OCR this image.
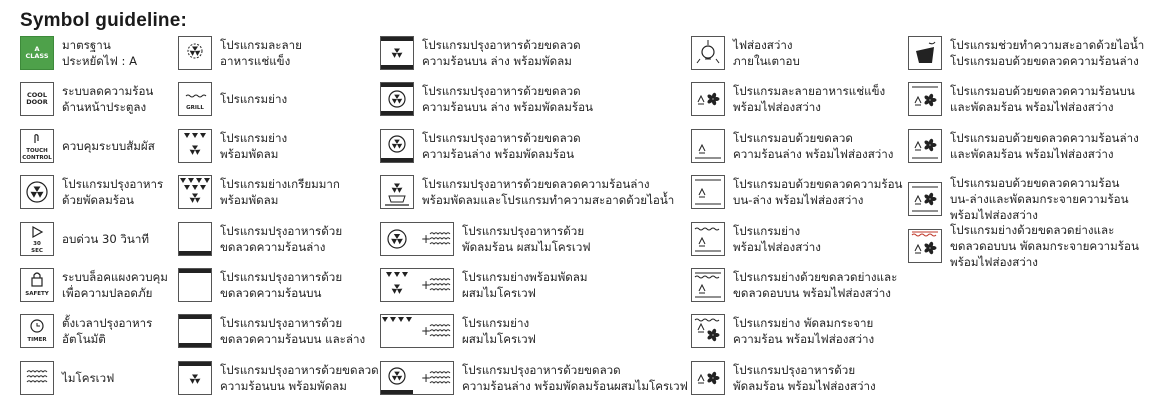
Symbol guideline:
A
CLASS
มาตรฐาน
ประหยัดไฟ : A
COOL
DOOR
ระบบลดความร้อน
ด้านหน้าประตูลง
TOUCH
CONTROL
ควบคุมระบบสัมผัส
โปรแกรมปรุงอาหาร
ด้วยพัดลมร้อน
30
SEC
อบด่วน 30 วินาที
SAFETY
ระบบล็อคแผงควบคุม
เพื่อความปลอดภัย
TIMER
ตั้งเวลาปรุงอาหาร
อัตโนมัติ
ไมโครเวฟ
โปรแกรมละลาย
อาหารแช่แข็ง
GRILL
โปรแกรมย่าง
โปรแกรมย่าง
พร้อมพัดลม
โปรแกรมย่างเกรียมมาก
พร้อมพัดลม
โปรแกรมปรุงอาหารด้วย
ขดลวดความร้อนล่าง
โปรแกรมปรุงอาหารด้วย
ขดลวดความร้อนบน
โปรแกรมปรุงอาหารด้วย
ขดลวดความร้อนบน และล่าง
โปรแกรมปรุงอาหารด้วยขดลวด
ความร้อนบน พร้อมพัดลม
โปรแกรมปรุงอาหารด้วยขดลวด
ความร้อนบน ล่าง พร้อมพัดลม
โปรแกรมปรุงอาหารด้วยขดลวด
ความร้อนบน ล่าง พร้อมพัดลมร้อน
โปรแกรมปรุงอาหารด้วยขดลวด
ความร้อนล่าง พร้อมพัดลมร้อน
โปรแกรมปรุงอาหารด้วยขดลวดความร้อนล่าง
พร้อมพัดลมและโปรแกรมทำความสะอาดด้วยไอน้ำ
+
โปรแกรมปรุงอาหารด้วย
พัดลมร้อน ผสมไมโครเวฟ
+
โปรแกรมย่างพร้อมพัดลม
ผสมไมโครเวฟ
+
โปรแกรมย่าง
ผสมไมโครเวฟ
+
โปรแกรมปรุงอาหารด้วยขดลวด
ความร้อนล่าง พร้อมพัดลมร้อนผสมไมโครเวฟ
ไฟส่องสว่าง
ภายในเตาอบ
โปรแกรมละลายอาหารแช่แข็ง
พร้อมไฟส่องสว่าง
โปรแกรมอบด้วยขดลวด
ความร้อนล่าง พร้อมไฟส่องสว่าง
โปรแกรมอบด้วยขดลวดความร้อน
บน-ล่าง พร้อมไฟส่องสว่าง
โปรแกรมย่าง
พร้อมไฟส่องสว่าง
โปรแกรมย่างด้วยขดลวดย่างและ
ขดลวดอบบน พร้อมไฟส่องสว่าง
โปรแกรมย่าง พัดลมกระจาย
ความร้อน พร้อมไฟส่องสว่าง
โปรแกรมปรุงอาหารด้วย
พัดลมร้อน พร้อมไฟส่องสว่าง
โปรแกรมช่วยทำความสะอาดด้วยไอน้ำ
โปรแกรมอบด้วยขดลวดความร้อนล่าง
โปรแกรมอบด้วยขดลวดความร้อนบน
และพัดลมร้อน พร้อมไฟส่องสว่าง
โปรแกรมอบด้วยขดลวดความร้อนล่าง
และพัดลมร้อน พร้อมไฟส่องสว่าง
โปรแกรมอบด้วยขดลวดความร้อน
บน-ล่างและพัดลมกระจายความร้อน
พร้อมไฟส่องสว่าง
โปรแกรมย่างด้วยขดลวดย่างและ
ขดลวดอบบน พัดลมกระจายความร้อน
พร้อมไฟส่องสว่าง
